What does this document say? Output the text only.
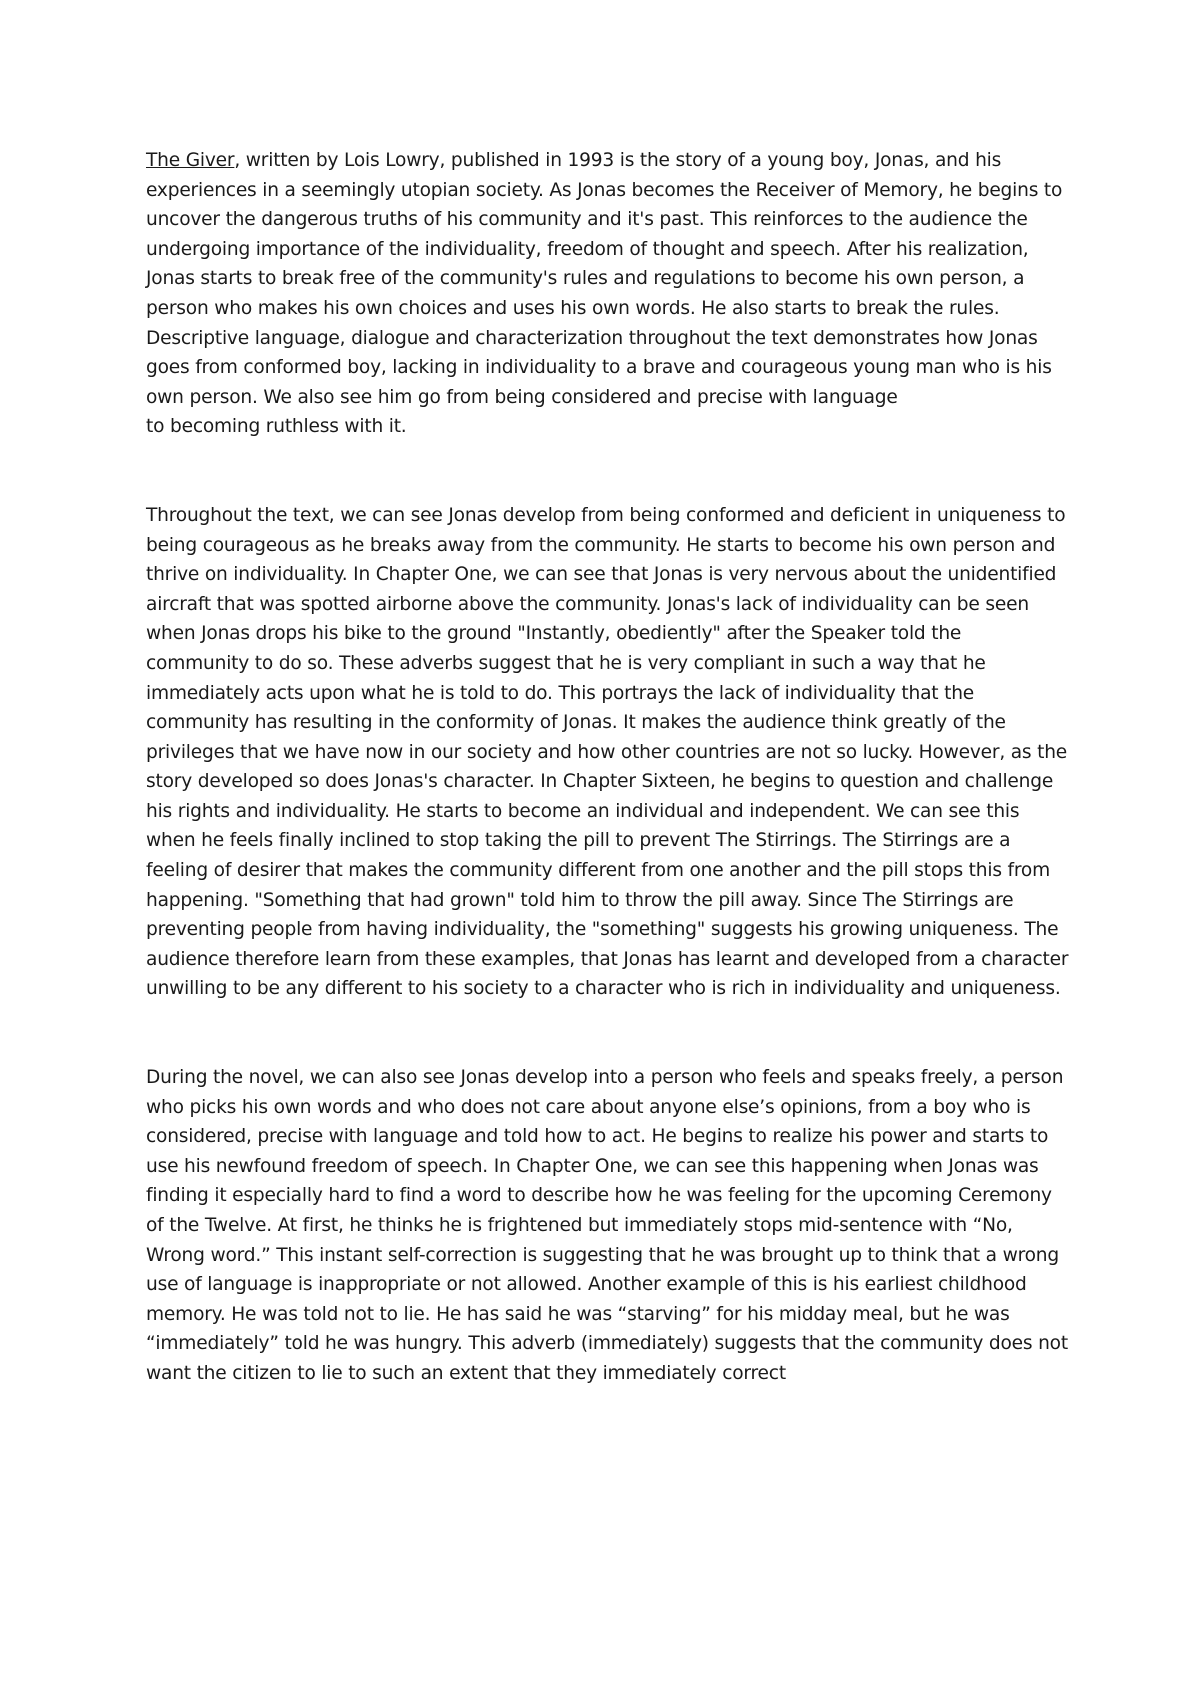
The Giver, written by Lois Lowry, published in 1993 is the story of a young boy, Jonas, and his
experiences in a seemingly utopian society. As Jonas becomes the Receiver of Memory, he begins to
uncover the dangerous truths of his community and it's past. This reinforces to the audience the
undergoing importance of the individuality, freedom of thought and speech. After his realization,
Jonas starts to break free of the community's rules and regulations to become his own person, a
person who makes his own choices and uses his own words. He also starts to break the rules.
Descriptive language, dialogue and characterization throughout the text demonstrates how Jonas
goes from conformed boy, lacking in individuality to a brave and courageous young man who is his
own person. We also see him go from being considered and precise with language
to becoming ruthless with it.
Throughout the text, we can see Jonas develop from being conformed and deficient in uniqueness to
being courageous as he breaks away from the community. He starts to become his own person and
thrive on individuality. In Chapter One, we can see that Jonas is very nervous about the unidentified
aircraft that was spotted airborne above the community. Jonas's lack of individuality can be seen
when Jonas drops his bike to the ground "Instantly, obediently" after the Speaker told the
community to do so. These adverbs suggest that he is very compliant in such a way that he
immediately acts upon what he is told to do. This portrays the lack of individuality that the
community has resulting in the conformity of Jonas. It makes the audience think greatly of the
privileges that we have now in our society and how other countries are not so lucky. However, as the
story developed so does Jonas's character. In Chapter Sixteen, he begins to question and challenge
his rights and individuality. He starts to become an individual and independent. We can see this
when he feels finally inclined to stop taking the pill to prevent The Stirrings. The Stirrings are a
feeling of desirer that makes the community different from one another and the pill stops this from
happening. "Something that had grown" told him to throw the pill away. Since The Stirrings are
preventing people from having individuality, the "something" suggests his growing uniqueness. The
audience therefore learn from these examples, that Jonas has learnt and developed from a character
unwilling to be any different to his society to a character who is rich in individuality and uniqueness.
During the novel, we can also see Jonas develop into a person who feels and speaks freely, a person
who picks his own words and who does not care about anyone else’s opinions, from a boy who is
considered, precise with language and told how to act. He begins to realize his power and starts to
use his newfound freedom of speech. In Chapter One, we can see this happening when Jonas was
finding it especially hard to find a word to describe how he was feeling for the upcoming Ceremony
of the Twelve. At first, he thinks he is frightened but immediately stops mid-sentence with “No,
Wrong word.” This instant self-correction is suggesting that he was brought up to think that a wrong
use of language is inappropriate or not allowed. Another example of this is his earliest childhood
memory. He was told not to lie. He has said he was “starving” for his midday meal, but he was
“immediately” told he was hungry. This adverb (immediately) suggests that the community does not
want the citizen to lie to such an extent that they immediately correct
